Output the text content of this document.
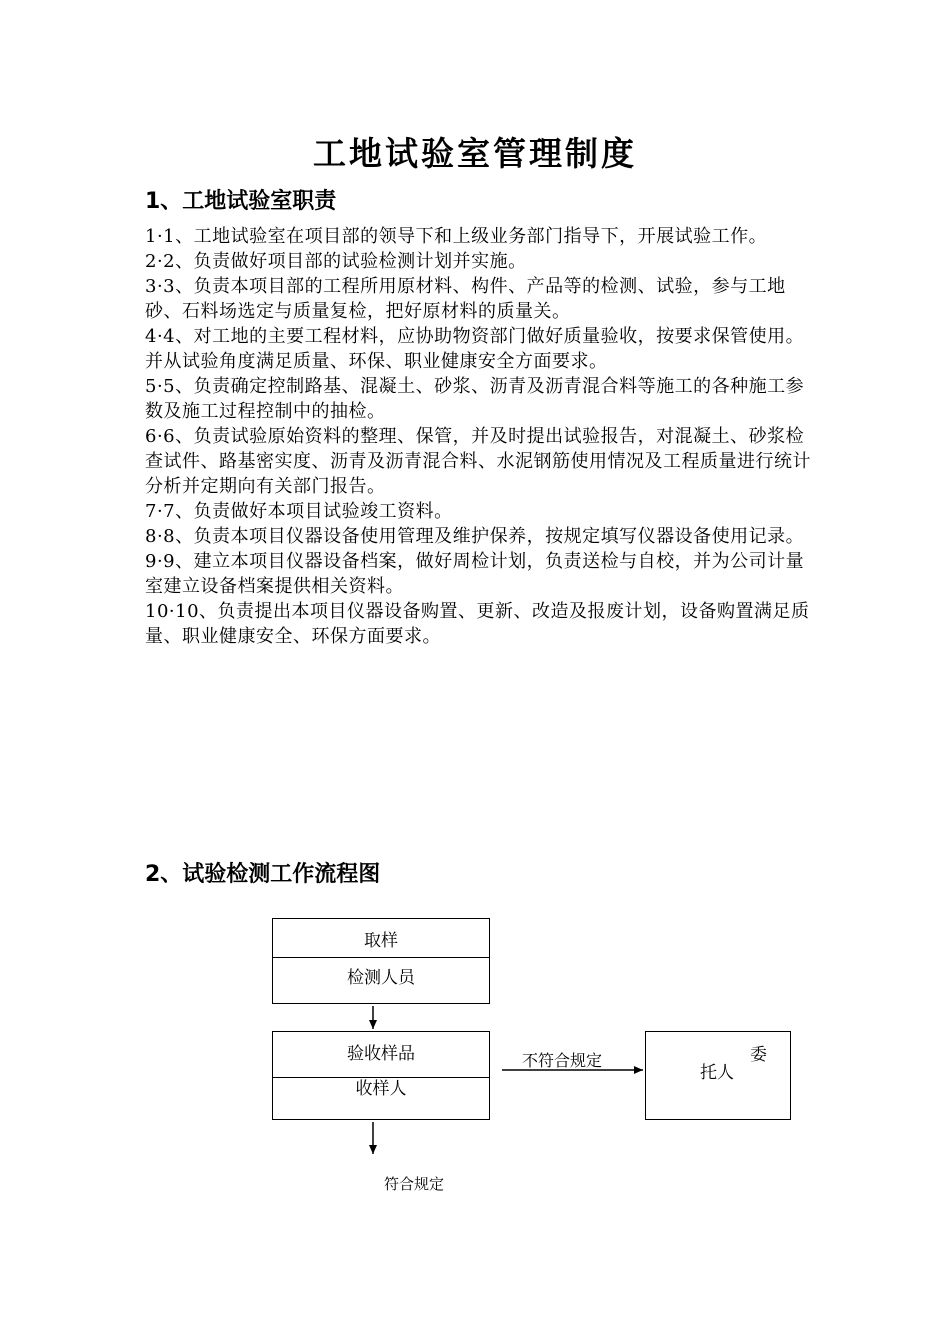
工地试验室管理制度
1、工地试验室职责
1·1、工地试验室在项目部的领导下和上级业务部门指导下，开展试验工作。
2·2、负责做好项目部的试验检测计划并实施。
3·3、负责本项目部的工程所用原材料、构件、产品等的检测、试验，参与工地砂、石料场选定与质量复检，把好原材料的质量关。
4·4、对工地的主要工程材料，应协助物资部门做好质量验收，按要求保管使用。并从试验角度满足质量、环保、职业健康安全方面要求。
5·5、负责确定控制路基、混凝土、砂浆、沥青及沥青混合料等施工的各种施工参数及施工过程控制中的抽检。
6·6、负责试验原始资料的整理、保管，并及时提出试验报告，对混凝土、砂浆检查试件、路基密实度、沥青及沥青混合料、水泥钢筋使用情况及工程质量进行统计分析并定期向有关部门报告。
7·7、负责做好本项目试验竣工资料。
8·8、负责本项目仪器设备使用管理及维护保养，按规定填写仪器设备使用记录。
9·9、建立本项目仪器设备档案，做好周检计划，负责送检与自校，并为公司计量室建立设备档案提供相关资料。
10·10、负责提出本项目仪器设备购置、更新、改造及报废计划，设备购置满足质量、职业健康安全、环保方面要求。
2、试验检测工作流程图
取样
检测人员
验收样品
收样人
委
托人
不符合规定
符合规定
